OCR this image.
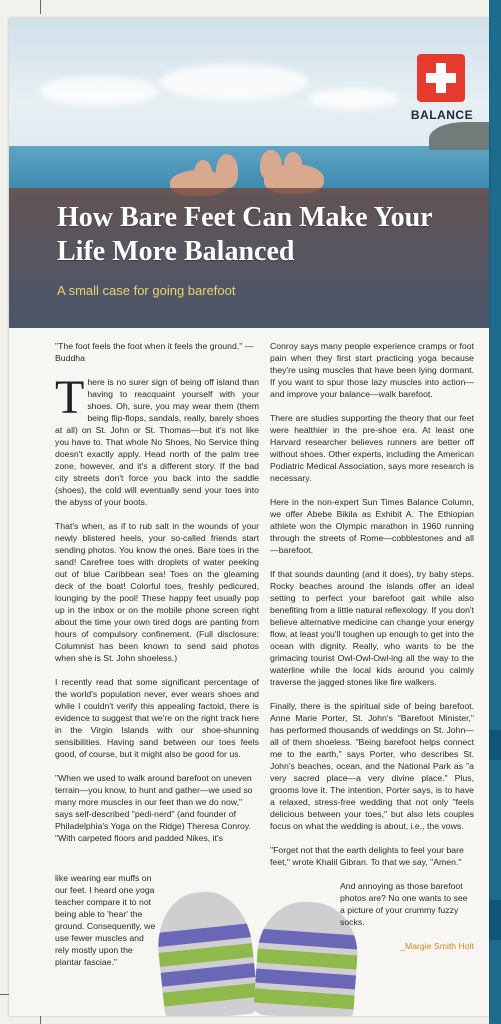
BALANCE
How Bare Feet Can Make Your Life More Balanced
A small case for going barefoot

"The foot feels the foot when it feels the ground." —Buddha

There is no surer sign of being off island than having to reacquaint yourself with your shoes. Oh, sure, you may wear them (them being flip-flops, sandals, really, barely shoes at all) on St. John or St. Thomas—but it's not like you have to. That whole No Shoes, No Service thing doesn't exactly apply. Head north of the palm tree zone, however, and it's a different story. If the bad city streets don't force you back into the saddle (shoes), the cold will eventually send your toes into the abyss of your boots.

That's when, as if to rub salt in the wounds of your newly blistered heels, your so-called friends start sending photos. You know the ones. Bare toes in the sand! Carefree toes with droplets of water peeking out of blue Caribbean sea! Toes on the gleaming deck of the boat! Colorful toes, freshly pedicured, lounging by the pool! These happy feet usually pop up in the inbox or on the mobile phone screen right about the time your own tired dogs are panting from hours of compulsory confinement. (Full disclosure: Columnist has been known to send said photos when she is St. John shoeless.)

I recently read that some significant percentage of the world's population never, ever wears shoes and while I couldn't verify this appealing factoid, there is evidence to suggest that we're on the right track here in the Virgin Islands with our shoe-shunning sensibilities. Having sand between our toes feels good, of course, but it might also be good for us.

"When we used to walk around barefoot on uneven terrain—you know, to hunt and gather—we used so many more muscles in our feet than we do now," says self-described "pedi-nerd" (and founder of Philadelphia's Yoga on the Ridge) Theresa Conroy. "With carpeted floors and padded Nikes, it's

like wearing ear muffs on our feet. I heard one yoga teacher compare it to not being able to 'hear' the ground. Consequently, we use fewer muscles and rely mostly upon the plantar fasciae."

Conroy says many people experience cramps or foot pain when they first start practicing yoga because they're using muscles that have been lying dormant. If you want to spur those lazy muscles into action—and improve your balance—walk barefoot.

There are studies supporting the theory that our feet were healthier in the pre-shoe era. At least one Harvard researcher believes runners are better off without shoes. Other experts, including the American Podiatric Medical Association, says more research is necessary.

Here in the non-expert Sun Times Balance Column, we offer Abebe Bikila as Exhibit A. The Ethiopian athlete won the Olympic marathon in 1960 running through the streets of Rome—cobblestones and all—barefoot.

If that sounds daunting (and it does), try baby steps. Rocky beaches around the islands offer an ideal setting to perfect your barefoot gait while also benefiting from a little natural reflexology. If you don't believe alternative medicine can change your energy flow, at least you'll toughen up enough to get into the ocean with dignity. Really, who wants to be the grimacing tourist Owl-Owl-Owl-ing all the way to the waterline while the local kids around you calmly traverse the jagged stones like fire walkers.

Finally, there is the spiritual side of being barefoot. Anne Marie Porter, St. John's "Barefoot Minister," has performed thousands of weddings on St. John—all of them shoeless. "Being barefoot helps connect me to the earth," says Porter, who describes St. John's beaches, ocean, and the National Park as "a very sacred place—a very divine place." Plus, grooms love it. The intention, Porter says, is to have a relaxed, stress-free wedding that not only "feels delicious between your toes," but also lets couples focus on what the wedding is about, i.e., the vows.

"Forget not that the earth delights to feel your bare feet," wrote Khalil Gibran. To that we say, "Amen."

And annoying as those barefoot photos are? No one wants to see a picture of your crummy fuzzy socks.

_Margie Smith Holt
